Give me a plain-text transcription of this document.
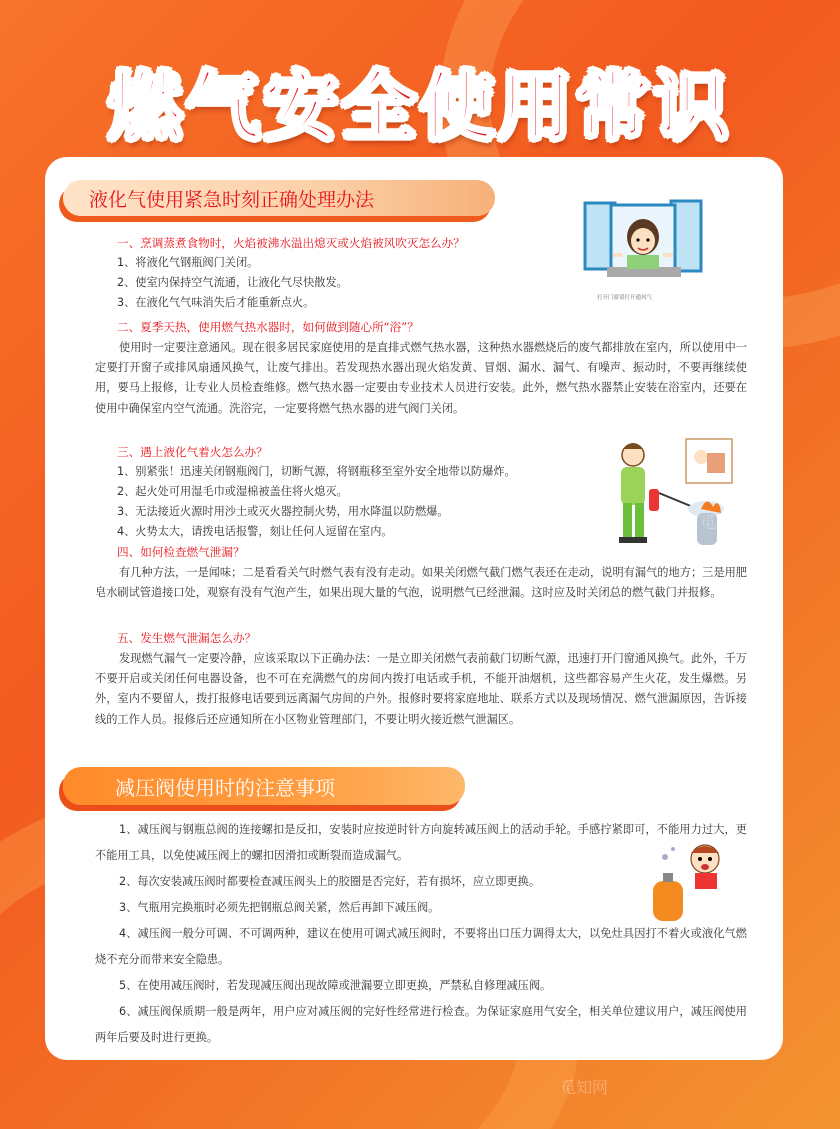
燃气安全使用常识
液化气使用紧急时刻正确处理办法
打开门窗请打开通风气
一、烹调蒸煮食物时，火焰被沸水溢出熄灭或火焰被风吹灭怎么办？
1、将液化气钢瓶阀门关闭。
2、使室内保持空气流通，让液化气尽快散发。
3、在液化气气味消失后才能重新点火。
二、夏季天热，使用燃气热水器时，如何做到随心所“浴”？
使用时一定要注意通风。现在很多居民家庭使用的是直排式燃气热水器，这种热水器燃烧后的废气都排放在室内，所以使用中一定要打开窗子或排风扇通风换气，让废气排出。若发现热水器出现火焰发黄、冒烟、漏水、漏气、有噪声、振动时，不要再继续使用，要马上报修，让专业人员检查维修。燃气热水器一定要由专业技术人员进行安装。此外，燃气热水器禁止安装在浴室内，还要在使用中确保室内空气流通。洗浴完，一定要将燃气热水器的进气阀门关闭。
三、遇上液化气着火怎么办？
1、别紧张！迅速关闭钢瓶阀门，切断气源，将钢瓶移至室外安全地带以防爆炸。
2、起火处可用湿毛巾或湿棉被盖住将火熄灭。
3、无法接近火源时用沙土或灭火器控制火势，用水降温以防燃爆。
4、火势太大，请拨电话报警，刻让任何人逗留在室内。
四、如何检查燃气泄漏？
有几种方法，一是闻味；二是看看关气时燃气表有没有走动。如果关闭燃气截门燃气表还在走动，说明有漏气的地方；三是用肥皂水刷试管道接口处，观察有没有气泡产生，如果出现大量的气泡，说明燃气已经泄漏。这时应及时关闭总的燃气截门并报修。
五、发生燃气泄漏怎么办？
发现燃气漏气一定要冷静，应该采取以下正确办法：一是立即关闭燃气表前截门切断气源，迅速打开门窗通风换气。此外，千万不要开启或关闭任何电器设备，也不可在充满燃气的房间内拨打电话或手机，不能开油烟机，这些都容易产生火花，发生爆燃。另外，室内不要留人，拨打报修电话要到远离漏气房间的户外。报修时要将家庭地址、联系方式以及现场情况、燃气泄漏原因，告诉接线的工作人员。报修后还应通知所在小区物业管理部门，不要让明火接近燃气泄漏区。
减压阀使用时的注意事项
1、减压阀与钢瓶总阀的连接螺扣是反扣，安装时应按逆时针方向旋转减压阀上的活动手轮。手感拧紧即可，不能用力过大，更不能用工具，以免使减压阀上的螺扣因滑扣或断裂而造成漏气。
2、每次安装减压阀时都要检查减压阀头上的胶圈是否完好，若有损坏，应立即更换。
3、气瓶用完换瓶时必须先把钢瓶总阀关紧，然后再卸下减压阀。
4、减压阀一般分可调、不可调两种，建议在使用可调式减压阀时，不要将出口压力调得太大，以免灶具因打不着火或液化气燃烧不充分而带来安全隐患。
5、在使用减压阀时，若发现减压阀出现故障或泄漏要立即更换，严禁私自修理减压阀。
6、减压阀保质期一般是两年，用户应对减压阀的完好性经常进行检查。为保证家庭用气安全，相关单位建议用户，减压阀使用两年后要及时进行更换。
觅知网
觅知网	觅知网
觅知网	觅知网
觅知网
